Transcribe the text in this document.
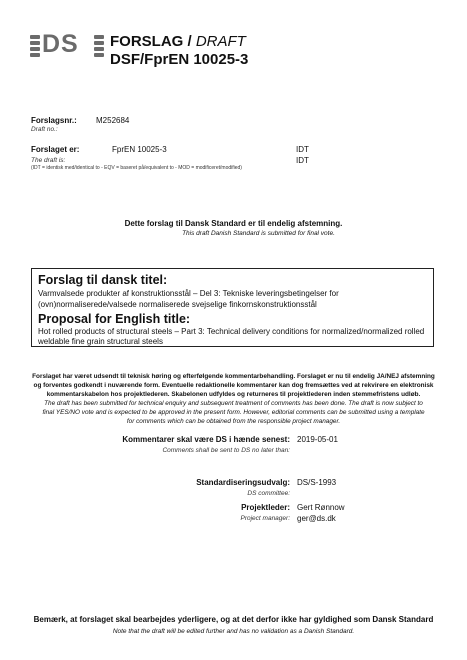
DS FORSLAG / DRAFT
DSF/FprEN 10025-3
Forslagsnr.: M252684
Draft no.:
Forslaget er:	FprEN 10025-3	IDT
The draft is:	IDT
(IDT = identisk med/identical to - EQV = baseret på/equivalent to - MOD = modificeret/modified)
Dette forslag til Dansk Standard er til endelig afstemning.
This draft Danish Standard is submitted for final vote.
Forslag til dansk titel:
Varmvalsede produkter af konstruktionsstål – Del 3: Tekniske leveringsbetingelser for
(ovn)normaliserede/valsede normaliserede svejselige finkornskonstruktionsstål
Proposal for English title:
Hot rolled products of structural steels – Part 3: Technical delivery conditions for normalized/normalized rolled
weldable fine grain structural steels
Forslaget har været udsendt til teknisk høring og efterfølgende kommentarbehandling. Forslaget er nu til endelig JA/NEJ afstemning
og forventes godkendt i nuværende form. Eventuelle redaktionelle kommentarer kan dog fremsættes ved at rekvirere en elektronisk
kommentarskabelon hos projektlederen. Skabelonen udfyldes og returneres til projektlederen inden stemmefristens udløb.
The draft has been submitted for technical enquiry and subsequent treatment of comments has been done. The draft is now subject to
final YES/NO vote and is expected to be approved in the present form. However, editorial comments can be submitted using a template
for comments which can be obtained from the responsible project manager.
Kommentarer skal være DS i hænde senest:
Comments shall be sent to DS no later than:
2019-05-01
Standardiseringsudvalg:
DS committee:
DS/S-1993
Projektleder:
Project manager:
Gert Rønnow
ger@ds.dk
Bemærk, at forslaget skal bearbejdes yderligere, og at det derfor ikke har gyldighed som Dansk Standard
Note that the draft will be edited further and has no validation as a Danish Standard.
